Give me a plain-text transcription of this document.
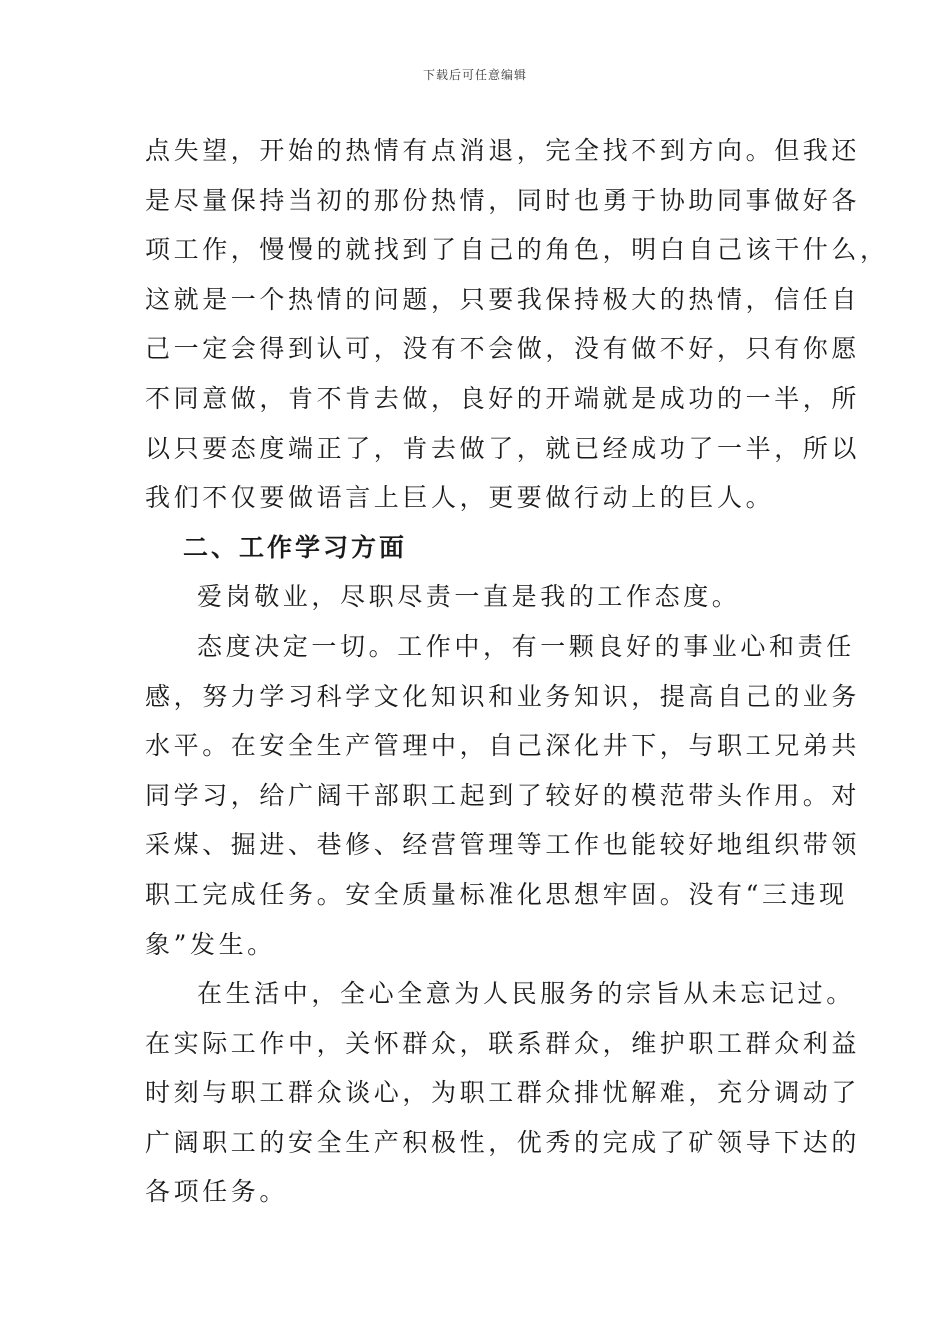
下载后可任意编辑
点失望，开始的热情有点消退，完全找不到方向。但我还
是尽量保持当初的那份热情，同时也勇于协助同事做好各
项工作，慢慢的就找到了自己的角色，明白自己该干什么，
这就是一个热情的问题，只要我保持极大的热情，信任自
己一定会得到认可，没有不会做，没有做不好，只有你愿
不同意做，肯不肯去做，良好的开端就是成功的一半，所
以只要态度端正了，肯去做了，就已经成功了一半，所以
我们不仅要做语言上巨人，更要做行动上的巨人。
二、工作学习方面
爱岗敬业，尽职尽责一直是我的工作态度。
态度决定一切。工作中，有一颗良好的事业心和责任
感，努力学习科学文化知识和业务知识，提高自己的业务
水平。在安全生产管理中，自己深化井下，与职工兄弟共
同学习，给广阔干部职工起到了较好的模范带头作用。对
采煤、掘进、巷修、经营管理等工作也能较好地组织带领
职工完成任务。安全质量标准化思想牢固。没有“三违现
象”发生。
在生活中，全心全意为人民服务的宗旨从未忘记过。
在实际工作中，关怀群众，联系群众，维护职工群众利益
时刻与职工群众谈心，为职工群众排忧解难，充分调动了
广阔职工的安全生产积极性，优秀的完成了矿领导下达的
各项任务。
